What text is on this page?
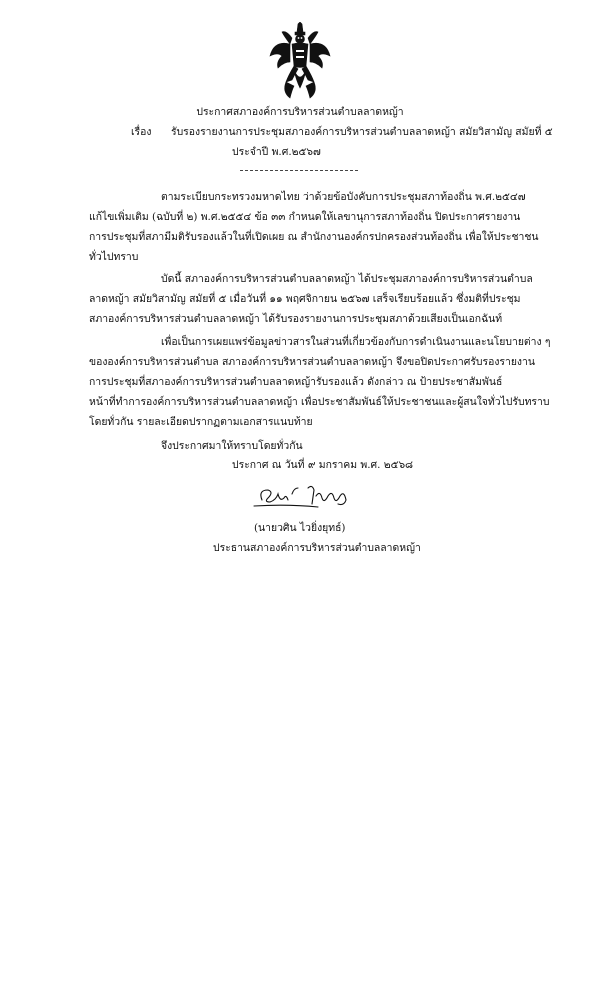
ประกาศสภาองค์การบริหารส่วนตำบลลาดหญ้า
เรื่อง รับรองรายงานการประชุมสภาองค์การบริหารส่วนตำบลลาดหญ้า สมัยวิสามัญ สมัยที่ ๕
ประจำปี พ.ศ.๒๕๖๗
ตามระเบียบกระทรวงมหาดไทย ว่าด้วยข้อบังคับการประชุมสภาท้องถิ่น พ.ศ.๒๕๔๗
แก้ไขเพิ่มเติม (ฉบับที่ ๒) พ.ศ.๒๕๕๔ ข้อ ๓๓ กำหนดให้เลขานุการสภาท้องถิ่น ปิดประกาศรายงาน
การประชุมที่สภามีมติรับรองแล้วในที่เปิดเผย ณ สำนักงานองค์กรปกครองส่วนท้องถิ่น เพื่อให้ประชาชน
ทั่วไปทราบ
บัดนี้ สภาองค์การบริหารส่วนตำบลลาดหญ้า ได้ประชุมสภาองค์การบริหารส่วนตำบล
ลาดหญ้า สมัยวิสามัญ สมัยที่ ๕ เมื่อวันที่ ๑๑ พฤศจิกายน ๒๕๖๗ เสร็จเรียบร้อยแล้ว ซึ่งมติที่ประชุม
สภาองค์การบริหารส่วนตำบลลาดหญ้า ได้รับรองรายงานการประชุมสภาด้วยเสียงเป็นเอกฉันท์
เพื่อเป็นการเผยแพร่ข้อมูลข่าวสารในส่วนที่เกี่ยวข้องกับการดำเนินงานและนโยบายต่าง ๆ
ขององค์การบริหารส่วนตำบล สภาองค์การบริหารส่วนตำบลลาดหญ้า จึงขอปิดประกาศรับรองรายงาน
การประชุมที่สภาองค์การบริหารส่วนตำบลลาดหญ้ารับรองแล้ว ดังกล่าว ณ ป้ายประชาสัมพันธ์
หน้าที่ทำการองค์การบริหารส่วนตำบลลาดหญ้า เพื่อประชาสัมพันธ์ให้ประชาชนและผู้สนใจทั่วไปรับทราบ
โดยทั่วกัน รายละเอียดปรากฏตามเอกสารแนบท้าย
จึงประกาศมาให้ทราบโดยทั่วกัน
ประกาศ ณ วันที่ ๙ มกราคม พ.ศ. ๒๕๖๘
(นายวศิน ไวยิ่งยุทธ์)
ประธานสภาองค์การบริหารส่วนตำบลลาดหญ้า
